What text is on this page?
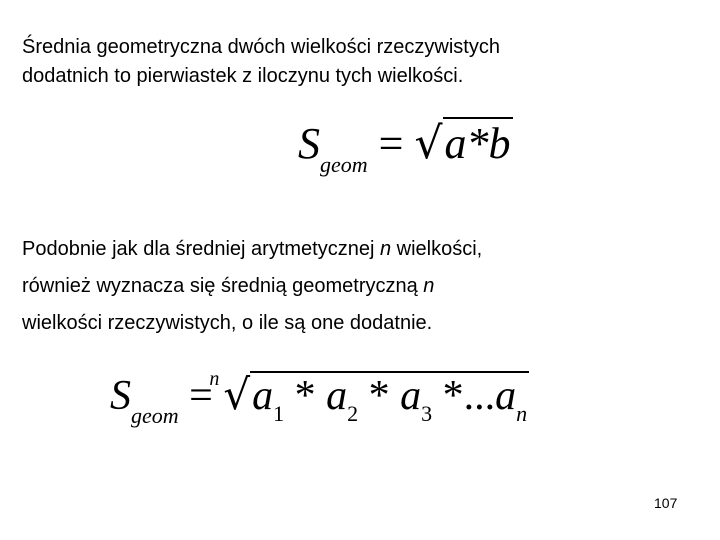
Średnia geometryczna dwóch wielkości rzeczywistych
dodatnich to pierwiastek z iloczynu tych wielkości.

$S_{geom} = √a*b$

Podobnie jak dla średniej arytmetycznej n wielkości,
również wyznacza się średnią geometryczną n
wielkości rzeczywistych, o ile są one dodatnie.

$S_{geom}$ =
n $√a_1 * a_2 * a_3$ $*...a_n$
107
